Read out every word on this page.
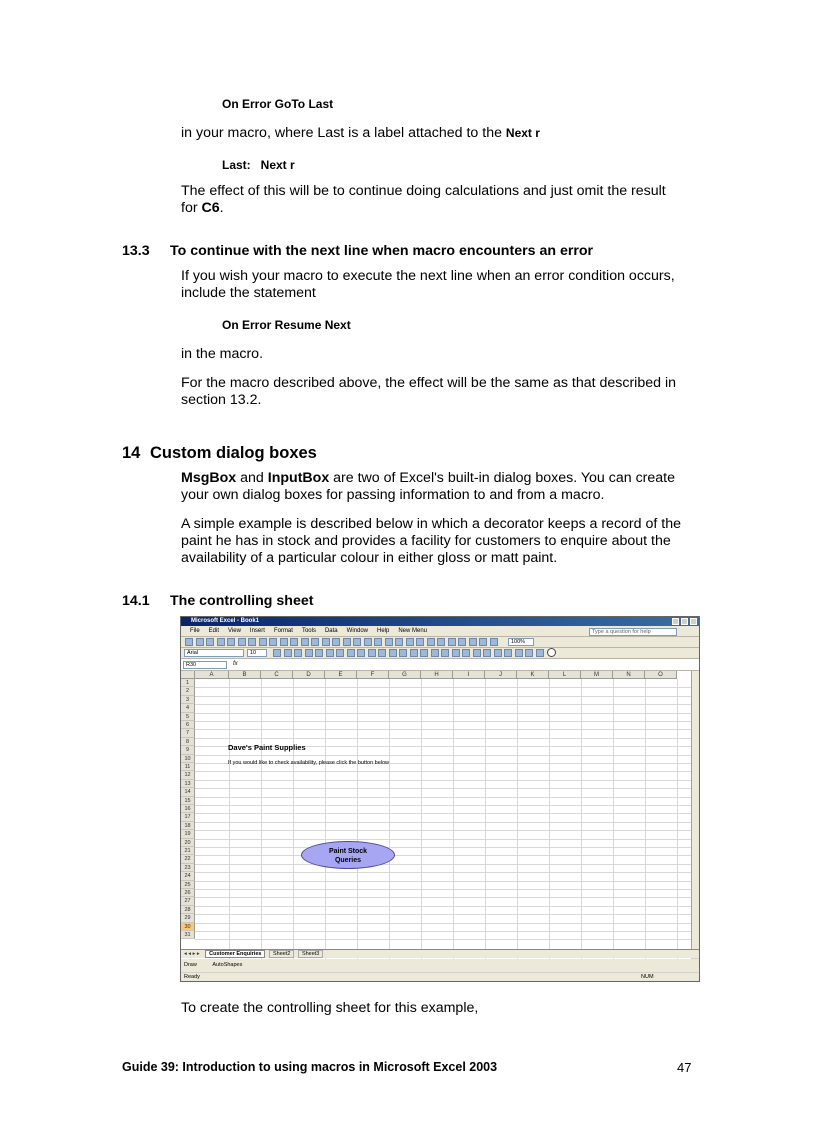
On Error GoTo Last
in your macro, where Last is a label attached to the Next r
Last:   Next r
The effect of this will be to continue doing calculations and just omit the result for C6.
13.3 To continue with the next line when macro encounters an error
If you wish your macro to execute the next line when an error condition occurs, include the statement
On Error Resume Next
in the macro.
For the macro described above, the effect will be the same as that described in section 13.2.
14 Custom dialog boxes
MsgBox and InputBox are two of Excel's built-in dialog boxes. You can create your own dialog boxes for passing information to and from a macro.
A simple example is described below in which a decorator keeps a record of the paint he has in stock and provides a facility for customers to enquire about the availability of a particular colour in either gloss or matt paint.
14.1 The controlling sheet
Microsoft Excel - Book1
File Edit View Insert Format Tools Data Window Help New Menu	Type a question for help
100%
Arial	10
R30	fx
A	B	C	D	E	F	G	H	I	J	K	L	M	N	O
1
2
3
4
5
6
7
8
9
10
11
12
13
14
15
16
17
18
19
20
21
22
23
24
25
26
27
28
29
30
31
Dave's Paint Supplies
If you would like to check availability, please click the button below
Paint Stock
Queries
◂ ◂ ▸ ▸ Customer Enquiries Sheet2 Sheet3
Draw	AutoShapes
Ready	NUM
To create the controlling sheet for this example,
Guide 39: Introduction to using macros in Microsoft Excel 2003	47
